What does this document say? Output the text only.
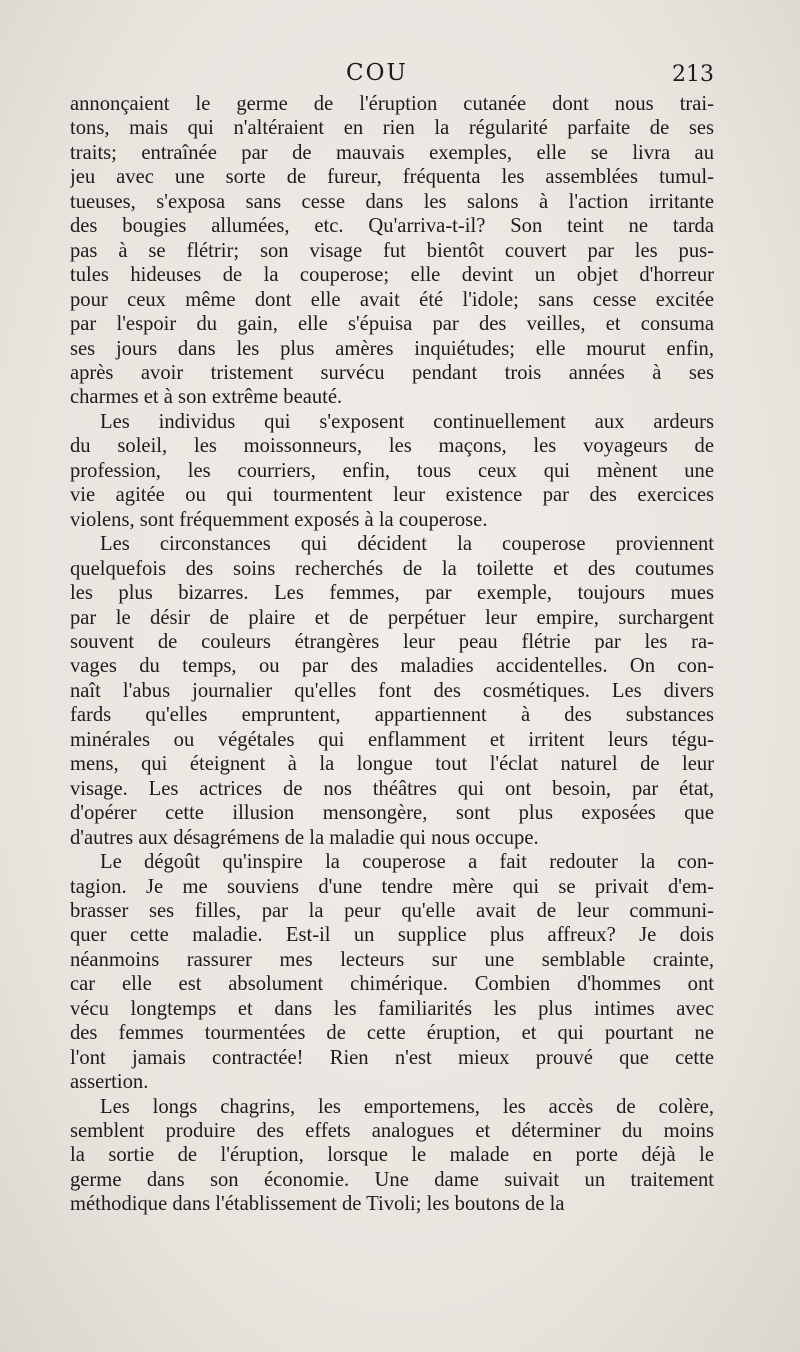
COU	213
annonçaient le germe de l'éruption cutanée dont nous trai-
tons, mais qui n'altéraient en rien la régularité parfaite de ses
traits; entraînée par de mauvais exemples, elle se livra au
jeu avec une sorte de fureur, fréquenta les assemblées tumul-
tueuses, s'exposa sans cesse dans les salons à l'action irritante
des bougies allumées, etc. Qu'arriva-t-il? Son teint ne tarda
pas à se flétrir; son visage fut bientôt couvert par les pus-
tules hideuses de la couperose; elle devint un objet d'horreur
pour ceux même dont elle avait été l'idole; sans cesse excitée
par l'espoir du gain, elle s'épuisa par des veilles, et consuma
ses jours dans les plus amères inquiétudes; elle mourut enfin,
après avoir tristement survécu pendant trois années à ses
charmes et à son extrême beauté.
Les individus qui s'exposent continuellement aux ardeurs
du soleil, les moissonneurs, les maçons, les voyageurs de
profession, les courriers, enfin, tous ceux qui mènent une
vie agitée ou qui tourmentent leur existence par des exercices
violens, sont fréquemment exposés à la couperose.
Les circonstances qui décident la couperose proviennent
quelquefois des soins recherchés de la toilette et des coutumes
les plus bizarres. Les femmes, par exemple, toujours mues
par le désir de plaire et de perpétuer leur empire, surchargent
souvent de couleurs étrangères leur peau flétrie par les ra-
vages du temps, ou par des maladies accidentelles. On con-
naît l'abus journalier qu'elles font des cosmétiques. Les divers
fards qu'elles empruntent, appartiennent à des substances
minérales ou végétales qui enflamment et irritent leurs tégu-
mens, qui éteignent à la longue tout l'éclat naturel de leur
visage. Les actrices de nos théâtres qui ont besoin, par état,
d'opérer cette illusion mensongère, sont plus exposées que
d'autres aux désagrémens de la maladie qui nous occupe.
Le dégoût qu'inspire la couperose a fait redouter la con-
tagion. Je me souviens d'une tendre mère qui se privait d'em-
brasser ses filles, par la peur qu'elle avait de leur communi-
quer cette maladie. Est-il un supplice plus affreux? Je dois
néanmoins rassurer mes lecteurs sur une semblable crainte,
car elle est absolument chimérique. Combien d'hommes ont
vécu longtemps et dans les familiarités les plus intimes avec
des femmes tourmentées de cette éruption, et qui pourtant ne
l'ont jamais contractée! Rien n'est mieux prouvé que cette
assertion.
Les longs chagrins, les emportemens, les accès de colère,
semblent produire des effets analogues et déterminer du moins
la sortie de l'éruption, lorsque le malade en porte déjà le
germe dans son économie. Une dame suivait un traitement
méthodique dans l'établissement de Tivoli; les boutons de la
